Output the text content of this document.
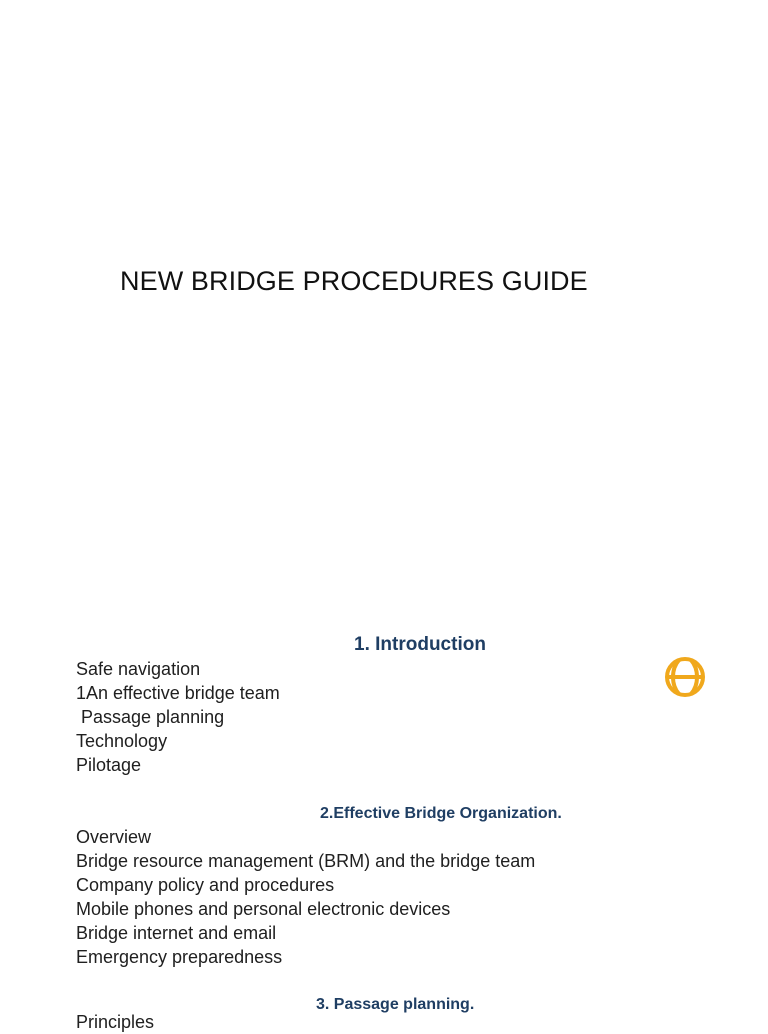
NEW BRIDGE PROCEDURES GUIDE
1. Introduction
Safe navigation
1An effective bridge team
Passage planning
Technology
Pilotage
2.Effective Bridge Organization.
Overview
Bridge resource management (BRM) and the bridge team
Company policy and procedures
Mobile phones and personal electronic devices
Bridge internet and email
Emergency preparedness
3. Passage planning.
Principles
